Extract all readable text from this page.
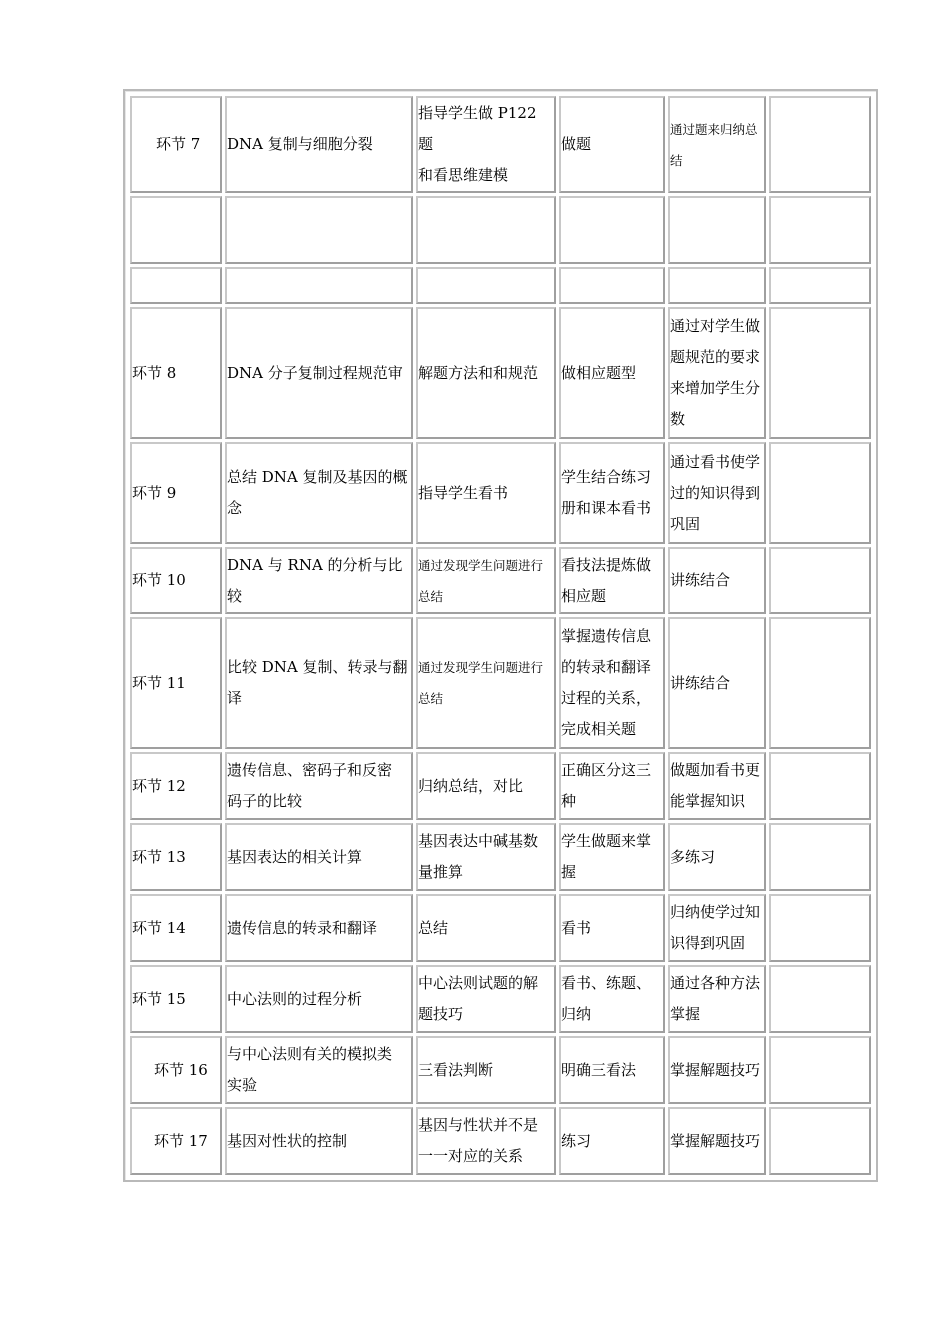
环节 7	DNA 复制与细胞分裂	指导学生做 P122 题
和看思维建模	做题	通过题来归纳总
结	

环节 8	DNA 分子复制过程规范审	解题方法和和规范	做相应题型	通过对学生做
题规范的要求
来增加学生分
数	

环节 9	总结 DNA 复制及基因的概
念	指导学生看书	学生结合练习
册和课本看书	通过看书使学
过的知识得到
巩固	

环节 10	DNA 与 RNA 的分析与比较	通过发现学生问题进行
总结	看技法提炼做
相应题	讲练结合	

环节 11	比较 DNA 复制、转录与翻
译	通过发现学生问题进行
总结	掌握遗传信息
的转录和翻译
过程的关系，
完成相关题	讲练结合	

环节 12	遗传信息、密码子和反密
码子的比较	归纳总结，对比	正确区分这三
种	做题加看书更
能掌握知识	

环节 13	基因表达的相关计算	基因表达中碱基数
量推算	学生做题来掌
握	多练习	

环节 14	遗传信息的转录和翻译	总结	看书	归纳使学过知
识得到巩固	

环节 15	中心法则的过程分析	中心法则试题的解
题技巧	看书、练题、
归纳	通过各种方法
掌握	

环节 16	与中心法则有关的模拟类
实验	三看法判断	明确三看法	掌握解题技巧	

环节 17	基因对性状的控制	基因与性状并不是
一一对应的关系	练习	掌握解题技巧	
